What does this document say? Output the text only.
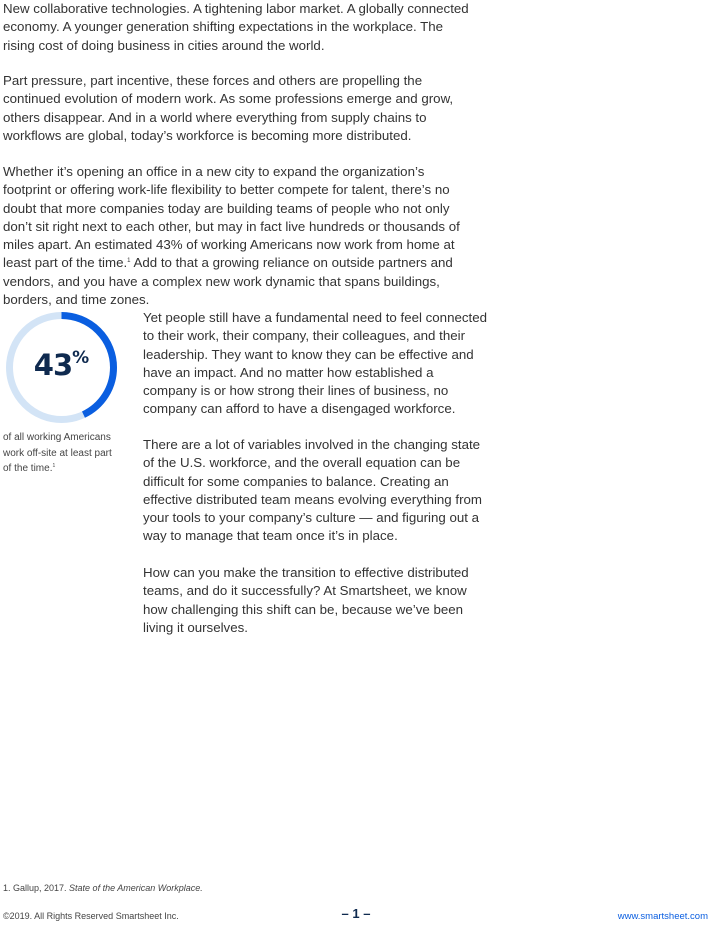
New collaborative technologies. A tightening labor market. A globally connected economy. A younger generation shifting expectations in the workplace. The rising cost of doing business in cities around the world.

Part pressure, part incentive, these forces and others are propelling the continued evolution of modern work. As some professions emerge and grow, others disappear. And in a world where everything from supply chains to workflows are global, today’s workforce is becoming more distributed.

Whether it’s opening an office in a new city to expand the organization’s footprint or offering work-life flexibility to better compete for talent, there’s no doubt that more companies today are building teams of people who not only don’t sit right next to each other, but may in fact live hundreds or thousands of miles apart. An estimated 43% of working Americans now work from home at least part of the time.$^1$ Add to that a growing reliance on outside partners and vendors, and you have a complex new work dynamic that spans buildings, borders, and time zones.

43%

of all working Americans work off-site at least part of the time.$^1$

Yet people still have a fundamental need to feel connected to their work, their company, their colleagues, and their leadership. They want to know they can be effective and have an impact. And no matter how established a company is or how strong their lines of business, no company can afford to have a disengaged workforce.

There are a lot of variables involved in the changing state of the U.S. workforce, and the overall equation can be difficult for some companies to balance. Creating an effective distributed team means evolving everything from your tools to your company’s culture — and figuring out a way to manage that team once it’s in place.

How can you make the transition to effective distributed teams, and do it successfully? At Smartsheet, we know how challenging this shift can be, because we’ve been living it ourselves.

1. Gallup, 2017. State of the American Workplace.

©2019. All Rights Reserved Smartsheet Inc.	– 1 –	www.smartsheet.com
